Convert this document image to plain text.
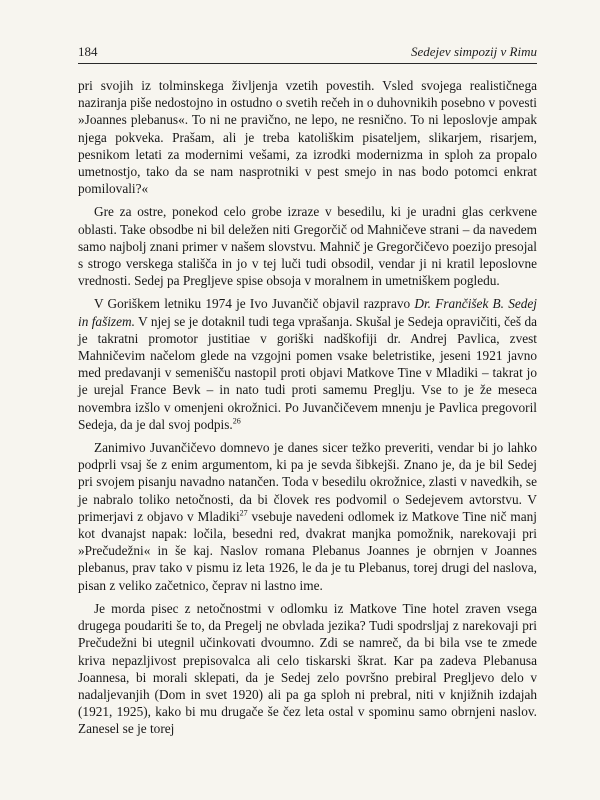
184	Sedejev simpozij v Rimu

pri svojih iz tolminskega življenja vzetih povestih. Vsled svojega realističnega naziranja piše nedostojno in ostudno o svetih rečeh in o duhovnikih posebno v povesti »Joannes plebanus«. To ni ne pravično, ne lepo, ne resnično. To ni leposlovje ampak njega pokveka. Prašam, ali je treba katoliškim pisateljem, slikarjem, risarjem, pesnikom letati za modernimi vešami, za izrodki modernizma in sploh za propalo umetnostjo, tako da se nam nasprotniki v pest smejo in nas bodo potomci enkrat pomilovali?«

Gre za ostre, ponekod celo grobe izraze v besedilu, ki je uradni glas cerkvene oblasti. Take obsodbe ni bil deležen niti Gregorčič od Mahničeve strani – da navedem samo najbolj znani primer v našem slovstvu. Mahnič je Gregorčičevo poezijo presojal s strogo verskega stališča in jo v tej luči tudi obsodil, vendar ji ni kratil leposlovne vrednosti. Sedej pa Pregljeve spise obsoja v moralnem in umetniškem pogledu.

V Goriškem letniku 1974 je Ivo Juvančič objavil razpravo Dr. Frančišek B. Sedej in fašizem. V njej se je dotaknil tudi tega vprašanja. Skušal je Sedeja opravičiti, češ da je takratni promotor justitiae v goriški nadškofiji dr. Andrej Pavlica, zvest Mahničevim načelom glede na vzgojni pomen vsake beletristike, jeseni 1921 javno med predavanji v semenišču nastopil proti objavi Matkove Tine v Mladiki – takrat jo je urejal France Bevk – in nato tudi proti samemu Preglju. Vse to je že meseca novembra izšlo v omenjeni okrožnici. Po Juvančičevem mnenju je Pavlica pregovoril Sedeja, da je dal svoj podpis.$^{26}$

Zanimivo Juvančičevo domnevo je danes sicer težko preveriti, vendar bi jo lahko podprli vsaj še z enim argumentom, ki pa je sevda šibkejši. Znano je, da je bil Sedej pri svojem pisanju navadno natančen. Toda v besedilu okrožnice, zlasti v navedkih, se je nabralo toliko netočnosti, da bi človek res podvomil o Sedejevem avtorstvu. V primerjavi z objavo v Mladiki$^{27}$ vsebuje navedeni odlomek iz Matkove Tine nič manj kot dvanajst napak: ločila, besedni red, dvakrat manjka pomožnik, narekovaji pri »Prečudežni« in še kaj. Naslov romana Plebanus Joannes je obrnjen v Joannes plebanus, prav tako v pismu iz leta 1926, le da je tu Plebanus, torej drugi del naslova, pisan z veliko začetnico, čeprav ni lastno ime.

Je morda pisec z netočnostmi v odlomku iz Matkove Tine hotel zraven vsega drugega poudariti še to, da Pregelj ne obvlada jezika? Tudi spodrsljaj z narekovaji pri Prečudežni bi utegnil učinkovati dvoumno. Zdi se namreč, da bi bila vse te zmede kriva nepazljivost prepisovalca ali celo tiskarski škrat. Kar pa zadeva Plebanusa Joannesa, bi morali sklepati, da je Sedej zelo površno prebiral Pregljevo delo v nadaljevanjih (Dom in svet 1920) ali pa ga sploh ni prebral, niti v knjižnih izdajah (1921, 1925), kako bi mu drugače še čez leta ostal v spominu samo obrnjeni naslov. Zanesel se je torej
